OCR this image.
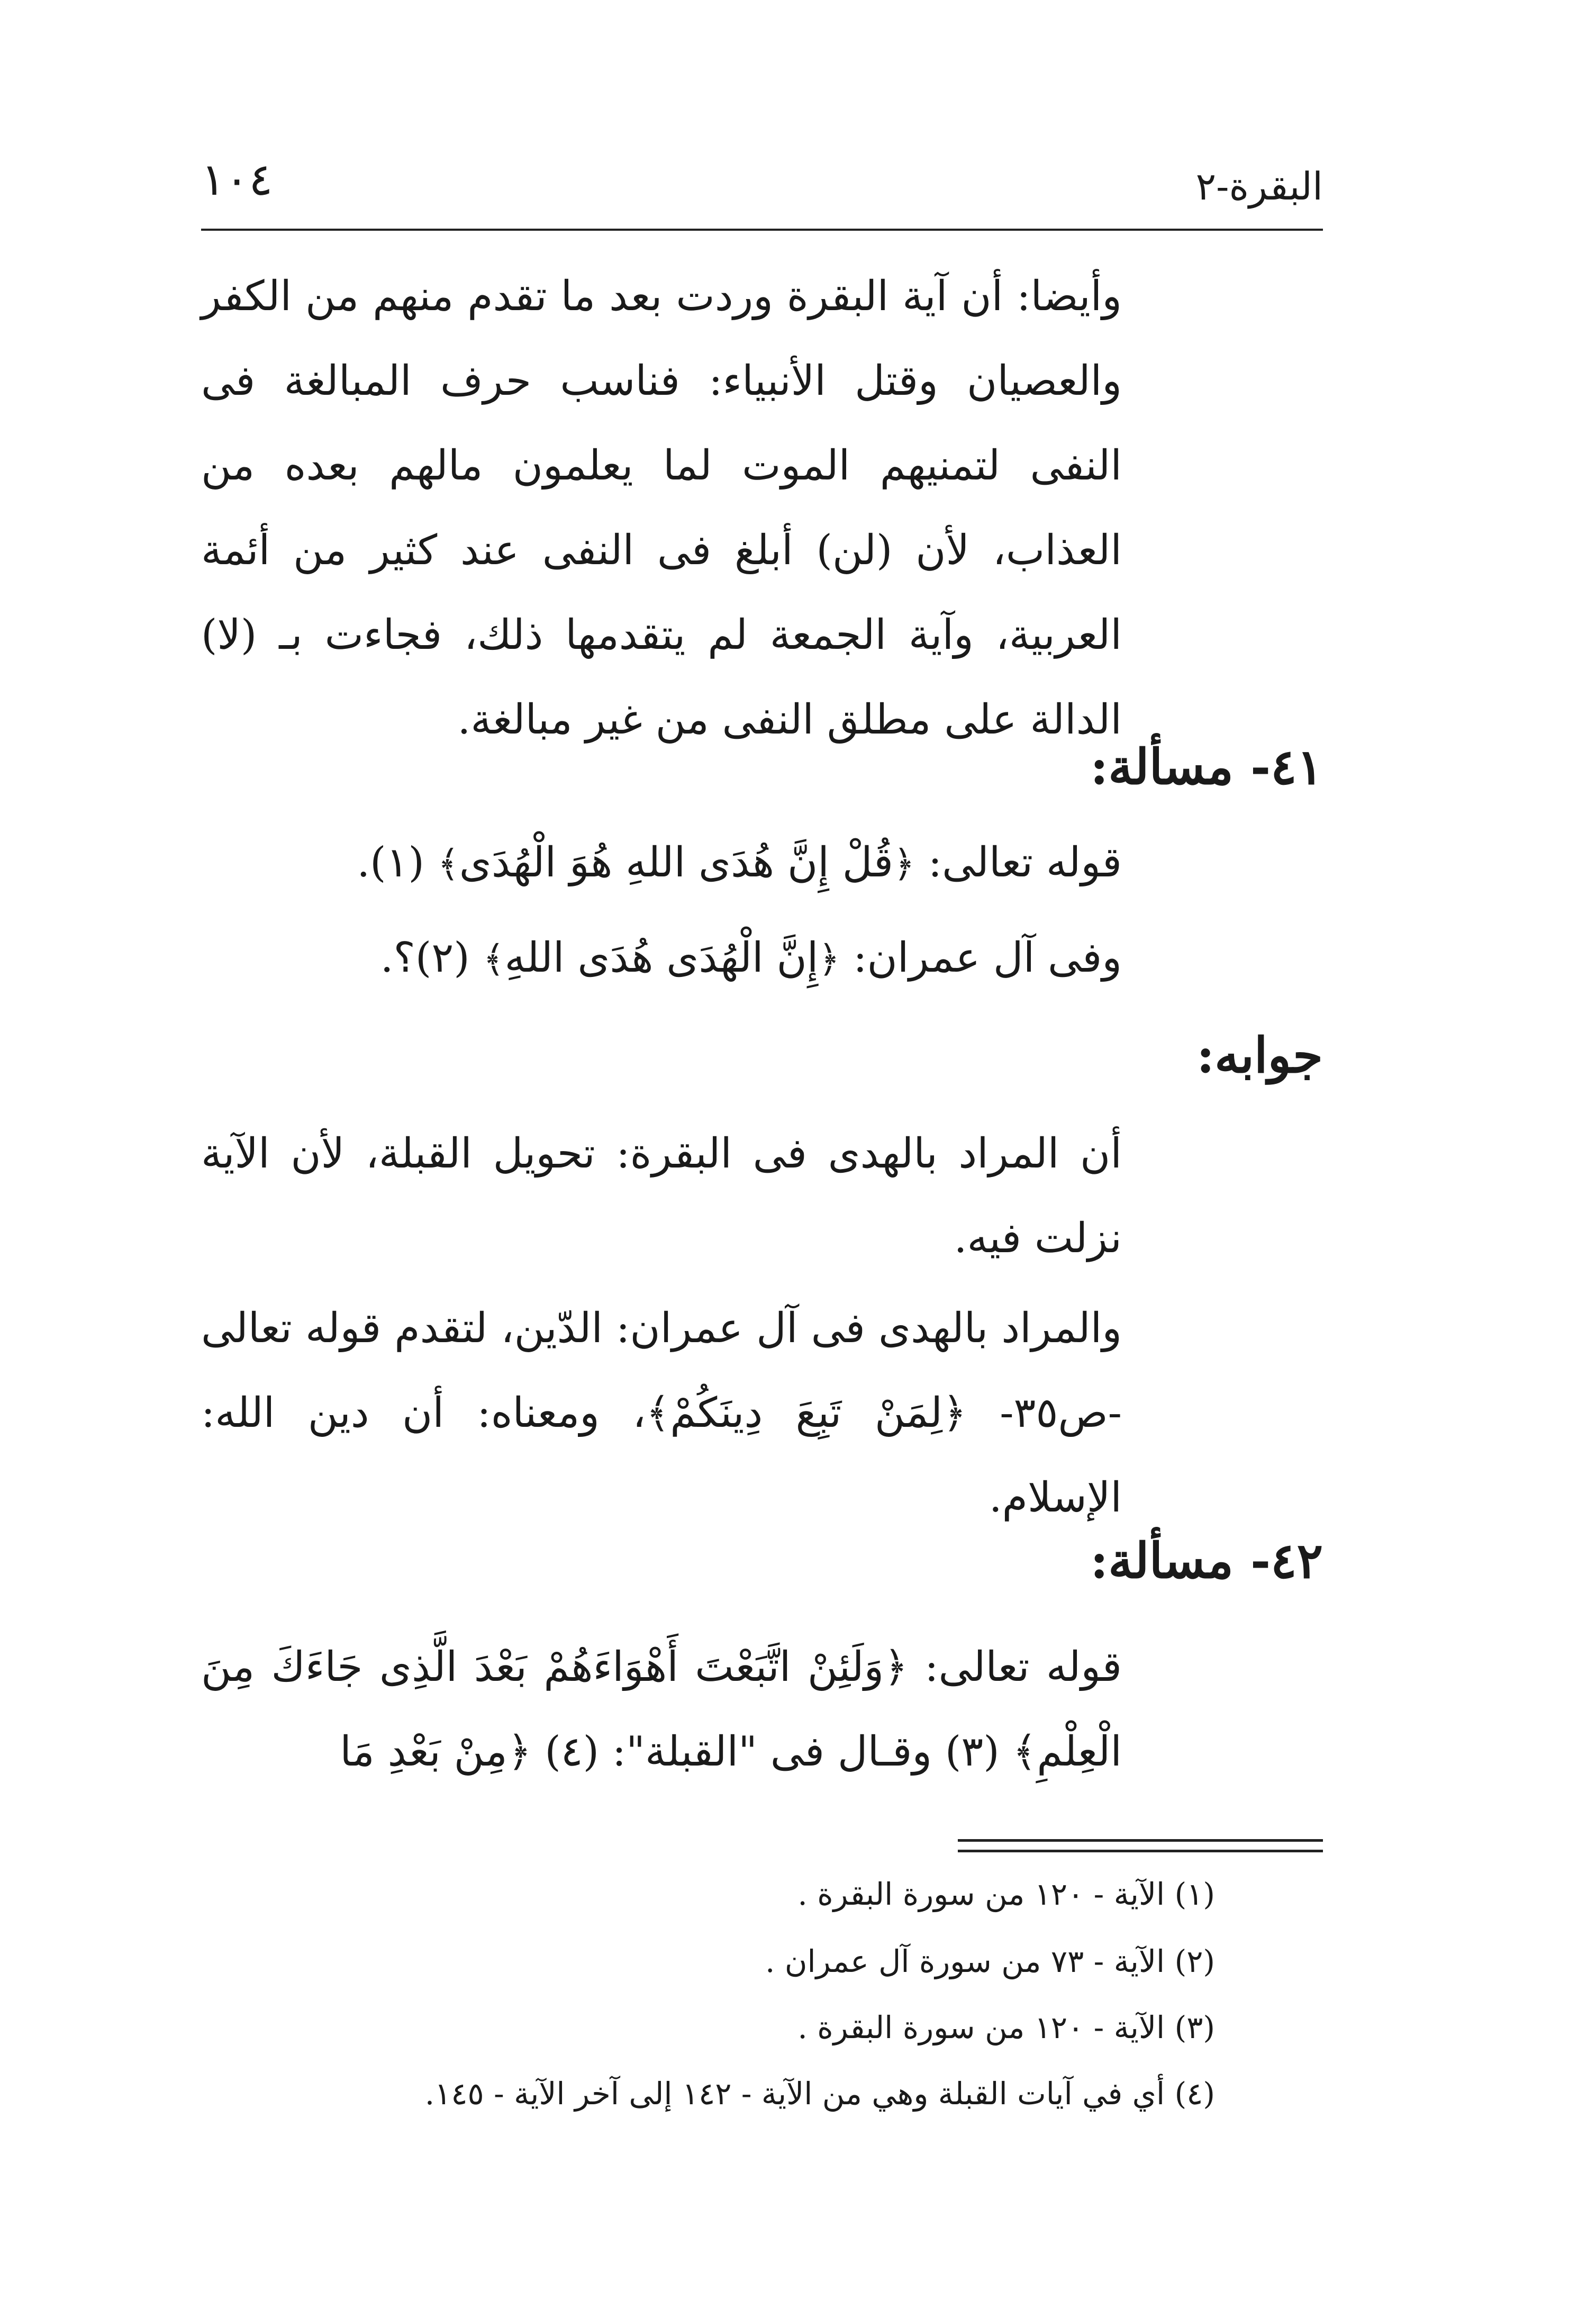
البقرة-٢
١٠٤
وأيضا: أن آية البقرة وردت بعد ما تقدم منهم من الكفر والعصيان وقتل الأنبياء: فناسب حرف المبالغة فى النفى لتمنيهم الموت لما يعلمون مالهم بعده من العذاب، لأن (لن) أبلغ فى النفى عند كثير من أئمة العربية، وآية الجمعة لم يتقدمها ذلك، فجاءت بـ (لا) الدالة على مطلق النفى من غير مبالغة.
٤١- مسألة:
قوله تعالى: ﴿قُلْ إِنَّ هُدَى اللهِ هُوَ الْهُدَى﴾ (١).
وفى آل عمران: ﴿إِنَّ الْهُدَى هُدَى اللهِ﴾ (٢)؟.
جوابه:
أن المراد بالهدى فى البقرة: تحويل القبلة، لأن الآية نزلت فيه.
والمراد بالهدى فى آل عمران: الدّين، لتقدم قوله تعالى -ص٣٥- ﴿لِمَنْ تَبِعَ دِينَكُمْ﴾، ومعناه: أن دين الله: الإسلام.
٤٢- مسألة:
قوله تعالى: ﴿وَلَئِنْ اتَّبَعْتَ أَهْوَاءَهُمْ بَعْدَ الَّذِى جَاءَكَ مِنَ الْعِلْمِ﴾ (٣) وقـال فى "القبلة": (٤) ﴿مِنْ بَعْدِ مَا
(١) الآية - ١٢٠ من سورة البقرة .
(٢) الآية - ٧٣ من سورة آل عمران .
(٣) الآية - ١٢٠ من سورة البقرة .
(٤) أي في آيات القبلة وهي من الآية - ١٤٢ إلى آخر الآية - ١٤٥.
